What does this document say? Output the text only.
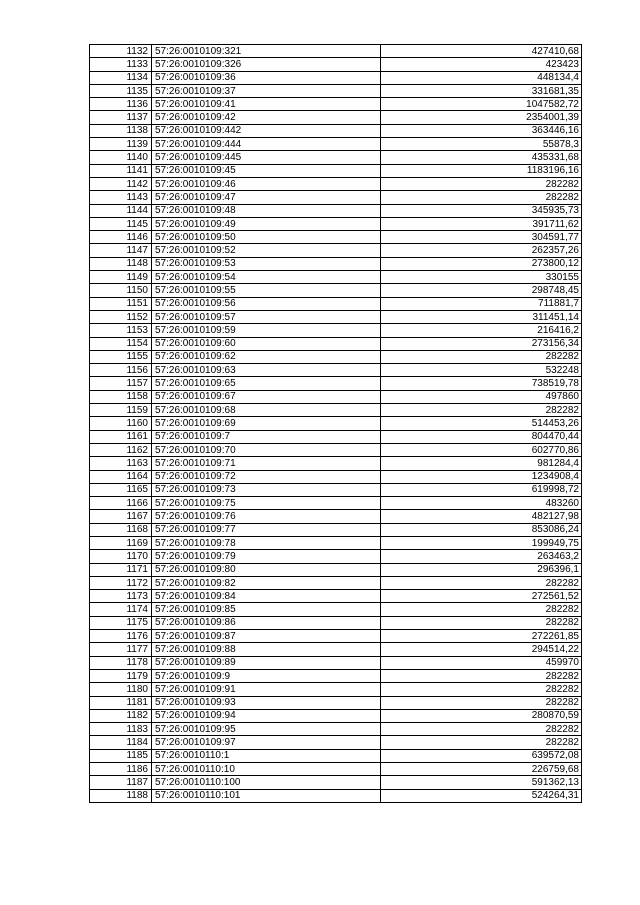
1132	57:26:0010109:321	427410,68
1133	57:26:0010109:326	423423
1134	57:26:0010109:36	448134,4
1135	57:26:0010109:37	331681,35
1136	57:26:0010109:41	1047582,72
1137	57:26:0010109:42	2354001,39
1138	57:26:0010109:442	363446,16
1139	57:26:0010109:444	55878,3
1140	57:26:0010109:445	435331,68
1141	57:26:0010109:45	1183196,16
1142	57:26:0010109:46	282282
1143	57:26:0010109:47	282282
1144	57:26:0010109:48	345935,73
1145	57:26:0010109:49	391711,62
1146	57:26:0010109:50	304591,77
1147	57:26:0010109:52	262357,26
1148	57:26:0010109:53	273800,12
1149	57:26:0010109:54	330155
1150	57:26:0010109:55	298748,45
1151	57:26:0010109:56	711881,7
1152	57:26:0010109:57	311451,14
1153	57:26:0010109:59	216416,2
1154	57:26:0010109:60	273156,34
1155	57:26:0010109:62	282282
1156	57:26:0010109:63	532248
1157	57:26:0010109:65	738519,78
1158	57:26:0010109:67	497860
1159	57:26:0010109:68	282282
1160	57:26:0010109:69	514453,26
1161	57:26:0010109:7	804470,44
1162	57:26:0010109:70	602770,86
1163	57:26:0010109:71	981284,4
1164	57:26:0010109:72	1234908,4
1165	57:26:0010109:73	619998,72
1166	57:26:0010109:75	483260
1167	57:26:0010109:76	482127,98
1168	57:26:0010109:77	853086,24
1169	57:26:0010109:78	199949,75
1170	57:26:0010109:79	263463,2
1171	57:26:0010109:80	296396,1
1172	57:26:0010109:82	282282
1173	57:26:0010109:84	272561,52
1174	57:26:0010109:85	282282
1175	57:26:0010109:86	282282
1176	57:26:0010109:87	272261,85
1177	57:26:0010109:88	294514,22
1178	57:26:0010109:89	459970
1179	57:26:0010109:9	282282
1180	57:26:0010109:91	282282
1181	57:26:0010109:93	282282
1182	57:26:0010109:94	280870,59
1183	57:26:0010109:95	282282
1184	57:26:0010109:97	282282
1185	57:26:0010110:1	639572,08
1186	57:26:0010110:10	226759,68
1187	57:26:0010110:100	591362,13
1188	57:26:0010110:101	524264,31
